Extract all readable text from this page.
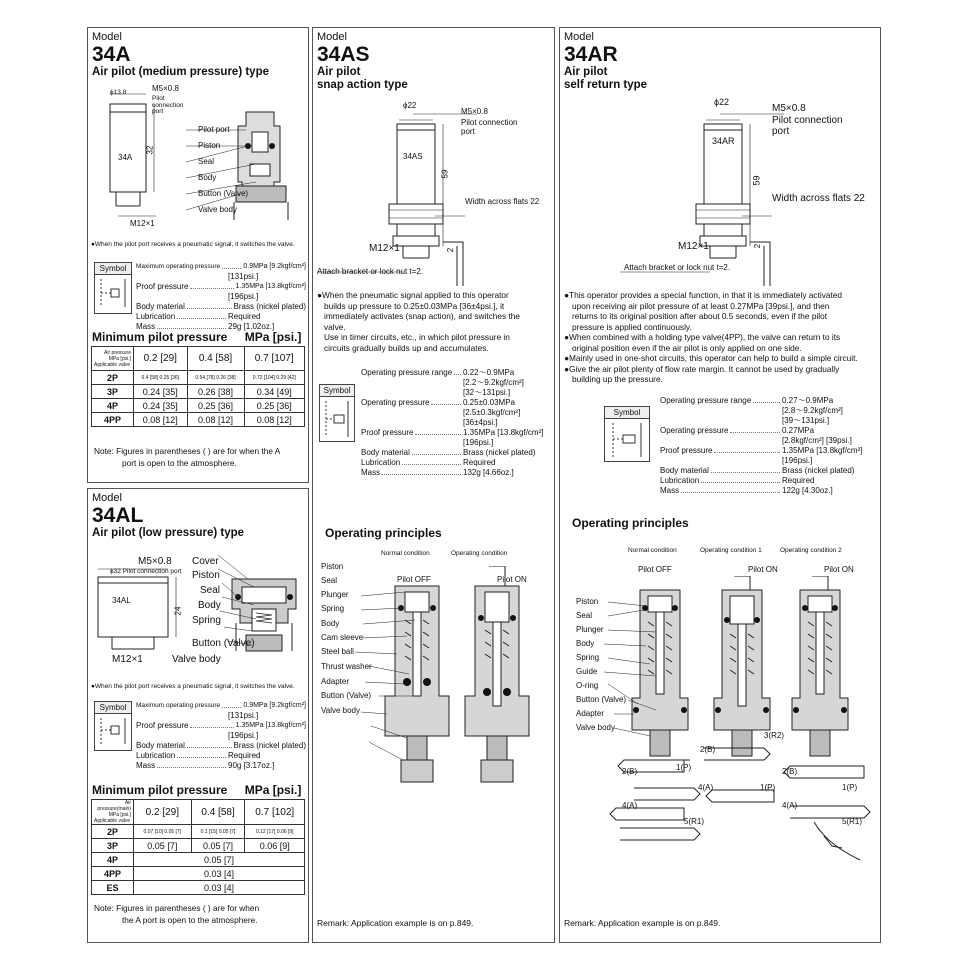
Model
34A
Air pilot (medium pressure) type
ϕ13.8	M5×0.8
Pilot connection port
34A
32
M12×1
Pilot port
Piston
Seal
Body
Button (Valve)
Valve body
●When the pilot port receives a pneumatic signal, it switches the valve.
Symbol	Maximum operating pressure	0.9MPa [9.2kgf/cm²]
[131psi.]
Proof pressure	1.35MPa [13.8kgf/cm²]
[196psi.]
Body material	Brass (nickel plated)
Lubrication	Required
Mass	29g [1.02oz.]
Minimum pilot pressure MPa [psi.]
Air pressure MPa [psi.]
Applicable valve	0.2 [29]	0.4 [58]	0.7 [107]
2P	0.4 [58] 0.25 [36]	0.54 [78] 0.26 [38]	0.72 [104] 0.29 [42]
3P	0.24 [35]	0.26 [38]	0.34 [49]
4P	0.24 [35]	0.25 [36]	0.25 [36]
4PP	0.08 [12]	0.08 [12]	0.08 [12]
Note: Figures in parentheses ( ) are for when the A
port is open to the atmosphere.
Model
34AL
Air pilot (low pressure) type
M5×0.8
ϕ32 Pilot connection port
34AL
24
M12×1
Cover
Piston
Seal
Body
Spring
Button (Valve)
Valve body
●When the pilot port receives a pneumatic signal, it switches the valve.
Symbol	Maximum operating pressure	0.9MPa [9.2kgf/cm²]
[131psi.]
Proof pressure	1.35MPa [13.8kgf/cm²]
[196psi.]
Body material	Brass (nickel plated)
Lubrication	Required
Mass	90g [3.17oz.]
Minimum pilot pressure MPa [psi.]
Air pressure(main) MPa [psi.]
Applicable valve	0.2 [29]	0.4 [58]	0.7 [102]
2P	0.07 [10] 0.05 [7]	0.1 [15] 0.05 [7]	0.12 [17] 0.06 [9]
3P	0.05 [7]	0.05 [7]	0.06 [9]
4P	0.05 [7]		
4PP	0.03 [4]		
ES	0.03 [4]		
Note: Figures in parentheses ( ) are for when
the A port is open to the atmosphere.
Model
34AS
Air pilot
snap action type
ϕ22
M5×0.8
Pilot connection
port
34AS
59
Width across flats 22
M12×1	2
Attach bracket or lock nut t=2.
●When the pneumatic signal applied to this operator
builds up pressure to 0.25±0.03MPa [36±4psi.], it
immediately activates (snap action), and switches the
valve.
Use in timer circuits, etc., in which pilot pressure in
circuits gradually builds up and accumulates.
Symbol
Operating pressure range 0.22～0.9MPa
[2.2～9.2kgf/cm²]
[32～131psi.]
Operating pressure	0.25±0.03MPa
[2.5±0.3kgf/cm²]
[36±4psi.]
Proof pressure	1.35MPa [13.8kgf/cm²]
[196psi.]
Body material	Brass (nickel plated)
Lubrication	Required
Mass	132g [4.66oz.]
Operating principles
Normal condition	Operating condition
Pilot OFF	Pilot ON
Piston
Seal
Plunger
Spring
Body
Cam sleeve
Steel ball
Thrust washer
Adapter
Button (Valve)
Valve body
Remark: Application example is on p.849.
Model
34AR
Air pilot
self return type
ϕ22
M5×0.8
Pilot connection
port
34AR
59
Width across flats 22
M12×1	2
Attach bracket or lock nut t=2.
●This operator provides a special function, in that it is immediately activated
upon receiving air pilot pressure of at least 0.27MPa [39psi.], and then
returns to its original position after about 0.5 seconds, even if the pilot
pressure is applied continuously.
●When combined with a holding type valve(4PP), the valve can return to its
original position even if the air pilot is only applied on one side.
●Mainly used in one-shot circuits, this operator can help to build a simple circuit.
●Give the air pilot plenty of flow rate margin. It cannot be used by gradually
building up the pressure.
Symbol
Operating pressure range	0.27～0.9MPa
[2.8～9.2kgf/cm²]
[39～131psi.]
Operating pressure	0.27MPa
[2.8kgf/cm²] [39psi.]
Proof pressure	1.35MPa [13.8kgf/cm²]
[196psi.]
Body material	Brass (nickel plated)
Lubrication	Required
Mass	122g [4.30oz.]
Operating principles
Normal condition	Operating condition 1	Operating condition 2
Pilot OFF	Pilot ON	Pilot ON
Piston
Seal
Plunger
Body
Spring
Guide
O-ring
Button (Valve)
Adapter
Valve body
2(B)
3(R2)
2(B)	1(P)
4(A)	1(P)
4(A)
5(R1)
2(B)
1(P)
4(A)
5(R1)
Remark: Application example is on p.849.
